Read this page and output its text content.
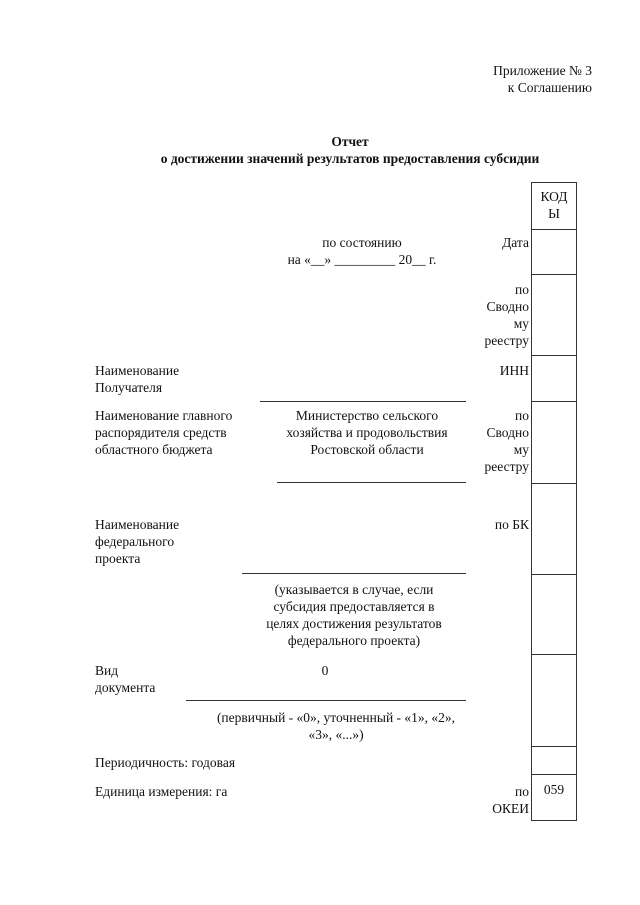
Приложение № 3
к Соглашению
Отчет
о достижении значений результатов предоставления субсидии
КОД
Ы
059
Дата
по
Сводно
му
реестру
ИНН
по
Сводно
му
реестру
по БК
по
ОКЕИ
по состоянию
на «__» _________ 20__ г.
Наименование
Получателя
Наименование главного
распорядителя средств
областного бюджета
Министерство сельского
хозяйства и продовольствия
Ростовской области
Наименование
федерального
проекта
(указывается в случае, если
субсидия предоставляется в
целях достижения результатов
федерального проекта)
Вид
документа
0
(первичный - «0», уточненный - «1», «2»,
«3», «...»)
Периодичность: годовая
Единица измерения: га
